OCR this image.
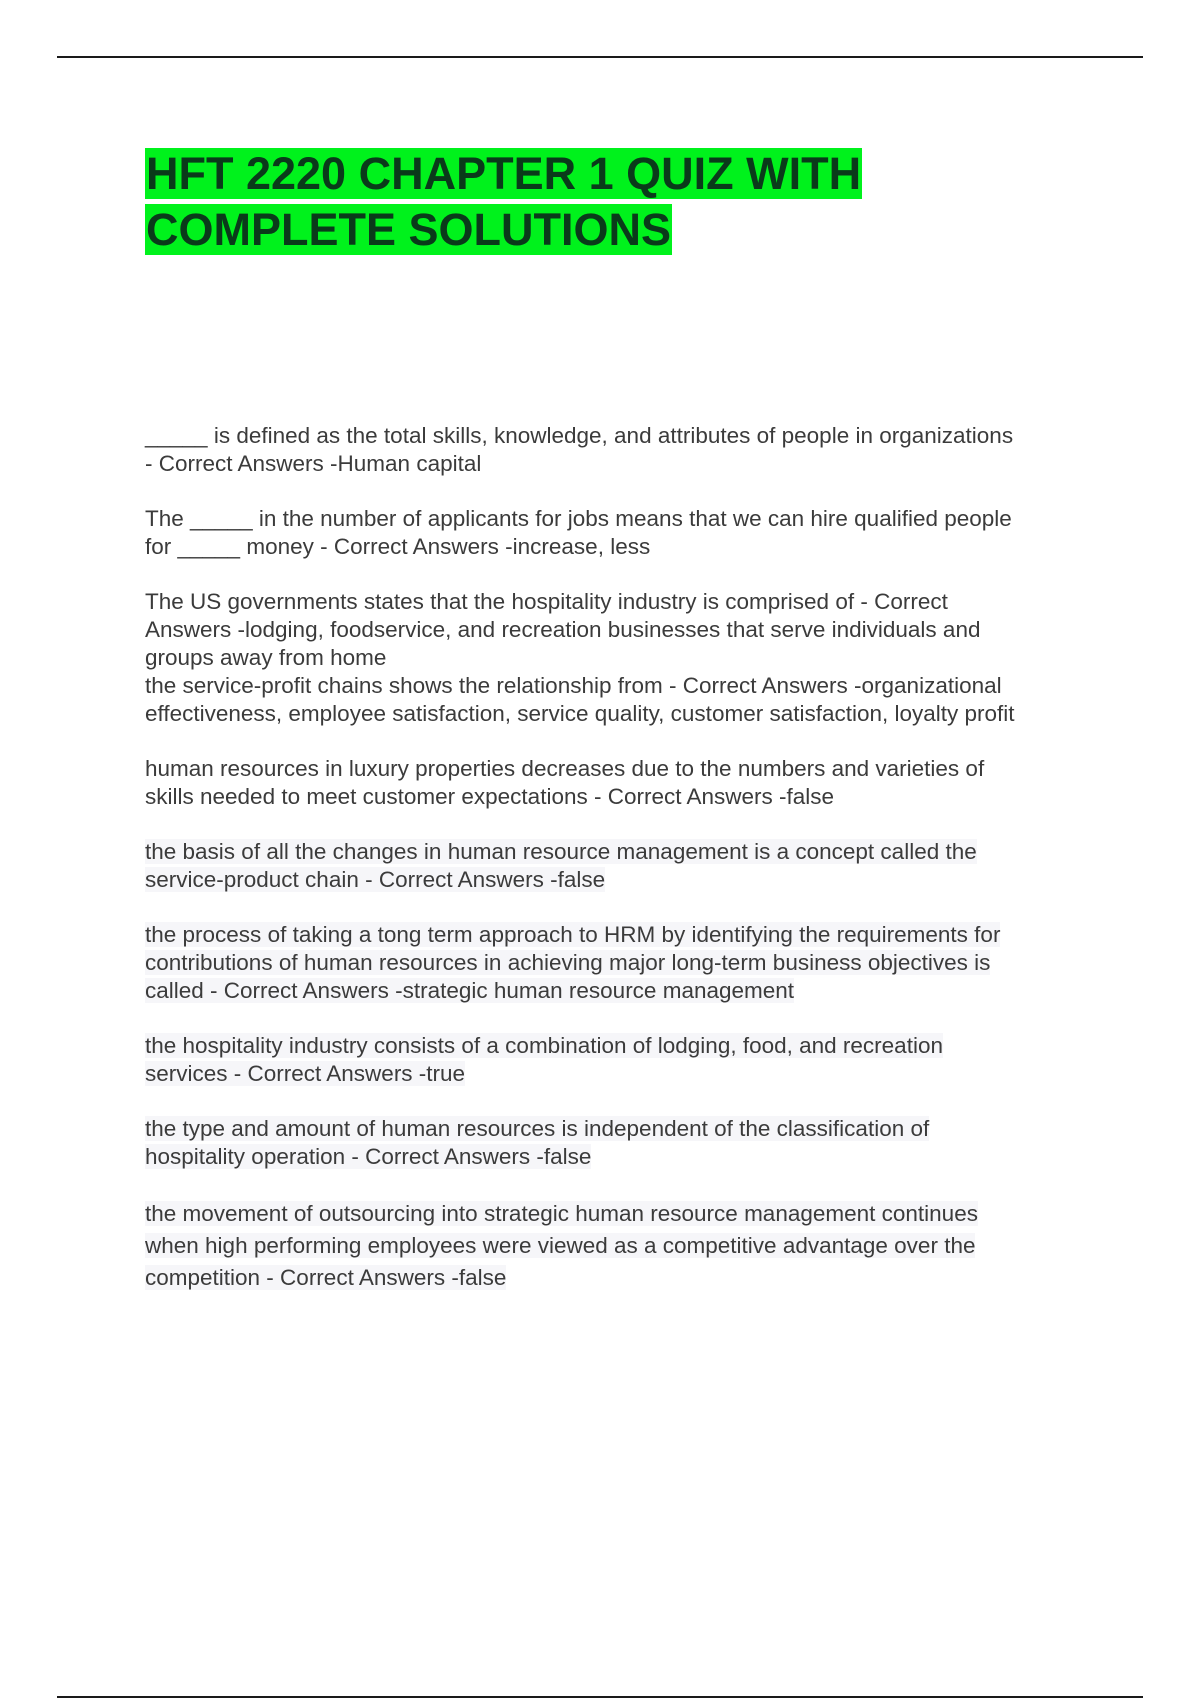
HFT 2220 CHAPTER 1 QUIZ WITH
COMPLETE SOLUTIONS
_____ is defined as the total skills, knowledge, and attributes of people in organizations
- Correct Answers -Human capital
The _____ in the number of applicants for jobs means that we can hire qualified people
for _____ money - Correct Answers -increase, less
The US governments states that the hospitality industry is comprised of - Correct
Answers -lodging, foodservice, and recreation businesses that serve individuals and
groups away from home
the service-profit chains shows the relationship from - Correct Answers -organizational
effectiveness, employee satisfaction, service quality, customer satisfaction, loyalty profit
human resources in luxury properties decreases due to the numbers and varieties of
skills needed to meet customer expectations - Correct Answers -false
the basis of all the changes in human resource management is a concept called the
service-product chain - Correct Answers -false
the process of taking a tong term approach to HRM by identifying the requirements for
contributions of human resources in achieving major long-term business objectives is
called - Correct Answers -strategic human resource management
the hospitality industry consists of a combination of lodging, food, and recreation
services - Correct Answers -true
the type and amount of human resources is independent of the classification of
hospitality operation - Correct Answers -false
the movement of outsourcing into strategic human resource management continues
when high performing employees were viewed as a competitive advantage over the
competition - Correct Answers -false
